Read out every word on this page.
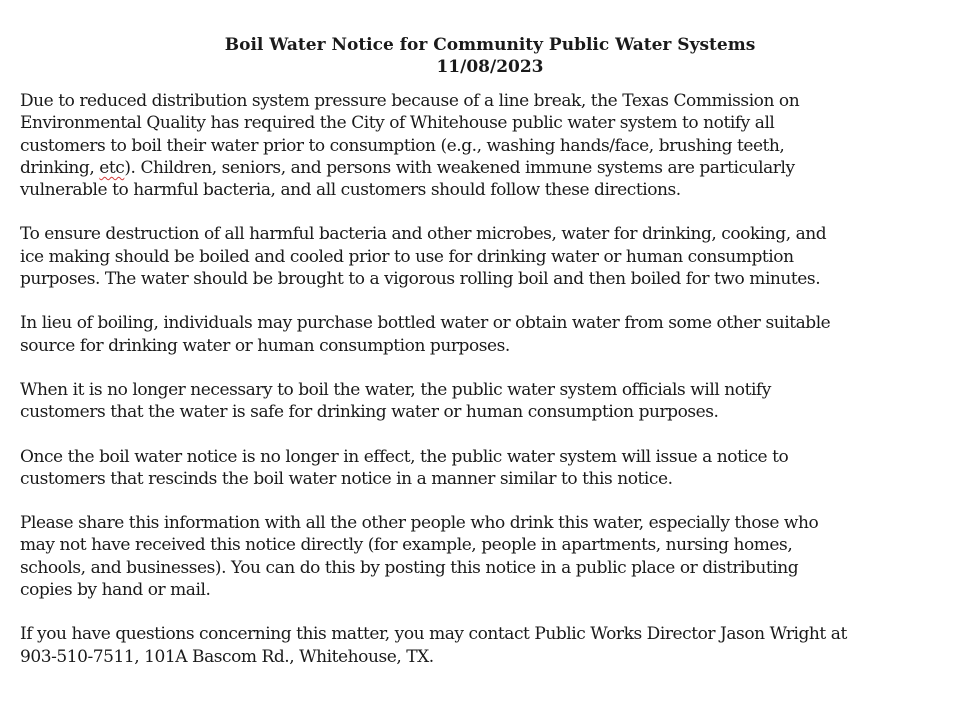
Boil Water Notice for Community Public Water Systems
11/08/2023
Due to reduced distribution system pressure because of a line break, the Texas Commission on
Environmental Quality has required the City of Whitehouse public water system to notify all
customers to boil their water prior to consumption (e.g., washing hands/face, brushing teeth,
drinking, etc). Children, seniors, and persons with weakened immune systems are particularly
vulnerable to harmful bacteria, and all customers should follow these directions.
To ensure destruction of all harmful bacteria and other microbes, water for drinking, cooking, and
ice making should be boiled and cooled prior to use for drinking water or human consumption
purposes. The water should be brought to a vigorous rolling boil and then boiled for two minutes.
In lieu of boiling, individuals may purchase bottled water or obtain water from some other suitable
source for drinking water or human consumption purposes.
When it is no longer necessary to boil the water, the public water system officials will notify
customers that the water is safe for drinking water or human consumption purposes.
Once the boil water notice is no longer in effect, the public water system will issue a notice to
customers that rescinds the boil water notice in a manner similar to this notice.
Please share this information with all the other people who drink this water, especially those who
may not have received this notice directly (for example, people in apartments, nursing homes,
schools, and businesses). You can do this by posting this notice in a public place or distributing
copies by hand or mail.
If you have questions concerning this matter, you may contact Public Works Director Jason Wright at
903-510-7511, 101A Bascom Rd., Whitehouse, TX.
